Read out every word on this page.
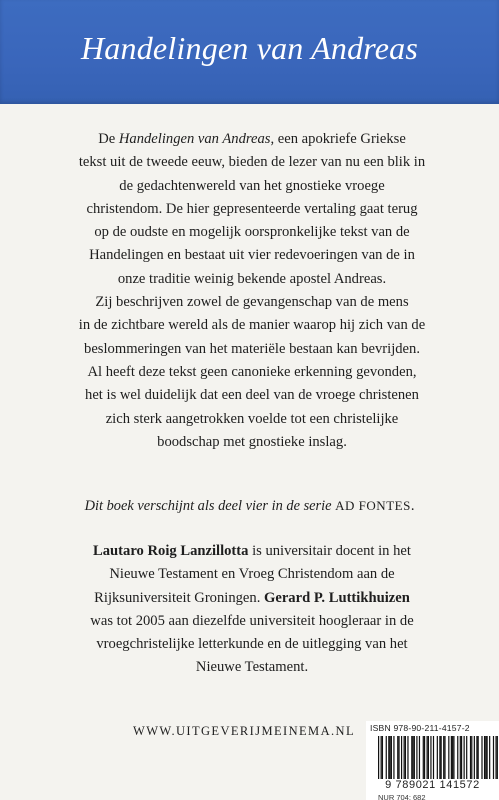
Handelingen van Andreas
De Handelingen van Andreas, een apokriefe Griekse
tekst uit de tweede eeuw, bieden de lezer van nu een blik in
de gedachtenwereld van het gnostieke vroege
christendom. De hier gepresenteerde vertaling gaat terug
op de oudste en mogelijk oorspronkelijke tekst van de
Handelingen en bestaat uit vier redevoeringen van de in
onze traditie weinig bekende apostel Andreas.
Zij beschrijven zowel de gevangenschap van de mens
in de zichtbare wereld als de manier waarop hij zich van de
beslommeringen van het materiële bestaan kan bevrijden.
Al heeft deze tekst geen canonieke erkenning gevonden,
het is wel duidelijk dat een deel van de vroege christenen
zich sterk aangetrokken voelde tot een christelijke
boodschap met gnostieke inslag.
Dit boek verschijnt als deel vier in de serie AD FONTES.
Lautaro Roig Lanzillotta is universitair docent in het
Nieuwe Testament en Vroeg Christendom aan de
Rijksuniversiteit Groningen. Gerard P. Luttikhuizen
was tot 2005 aan diezelfde universiteit hoogleraar in de
vroegchristelijke letterkunde en de uitlegging van het
Nieuwe Testament.
WWW.UITGEVERIJMEINEMA.NL ISBN 978-90-211-4157-2
9 789021 141572
NUR 704; 682
